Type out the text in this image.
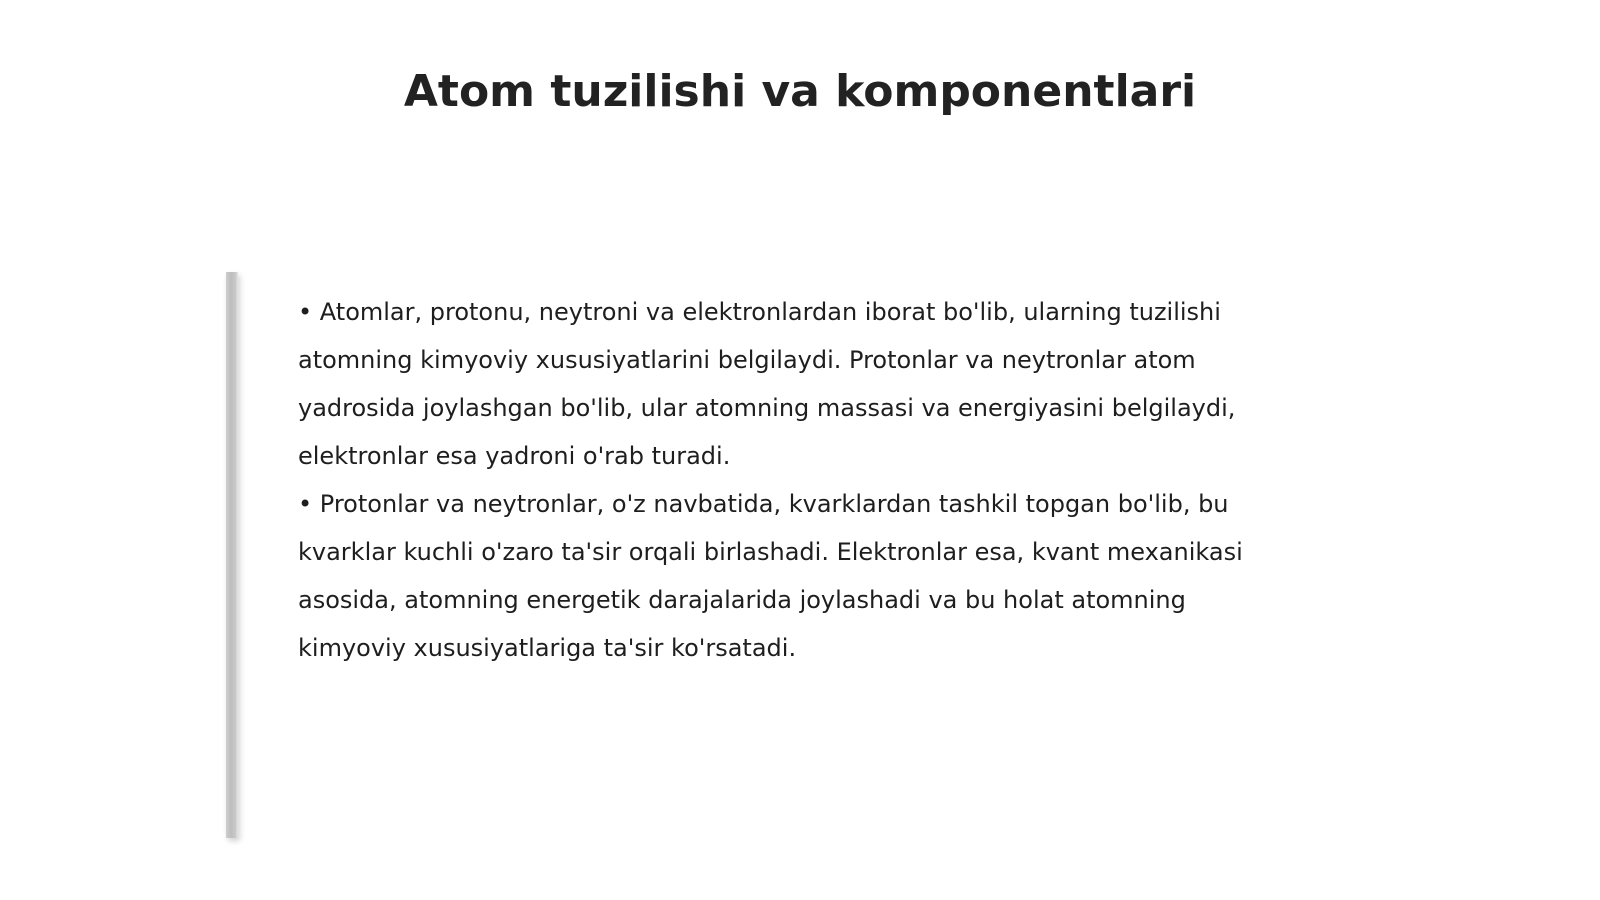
Atom tuzilishi va komponentlari

• Atomlar, protonu, neytroni va elektronlardan iborat bo'lib, ularning tuzilishi atomning kimyoviy xususiyatlarini belgilaydi. Protonlar va neytronlar atom yadrosida joylashgan bo'lib, ular atomning massasi va energiyasini belgilaydi, elektronlar esa yadroni o'rab turadi.

• Protonlar va neytronlar, o'z navbatida, kvarklardan tashkil topgan bo'lib, bu kvarklar kuchli o'zaro ta'sir orqali birlashadi. Elektronlar esa, kvant mexanikasi asosida, atomning energetik darajalarida joylashadi va bu holat atomning kimyoviy xususiyatlariga ta'sir ko'rsatadi.
